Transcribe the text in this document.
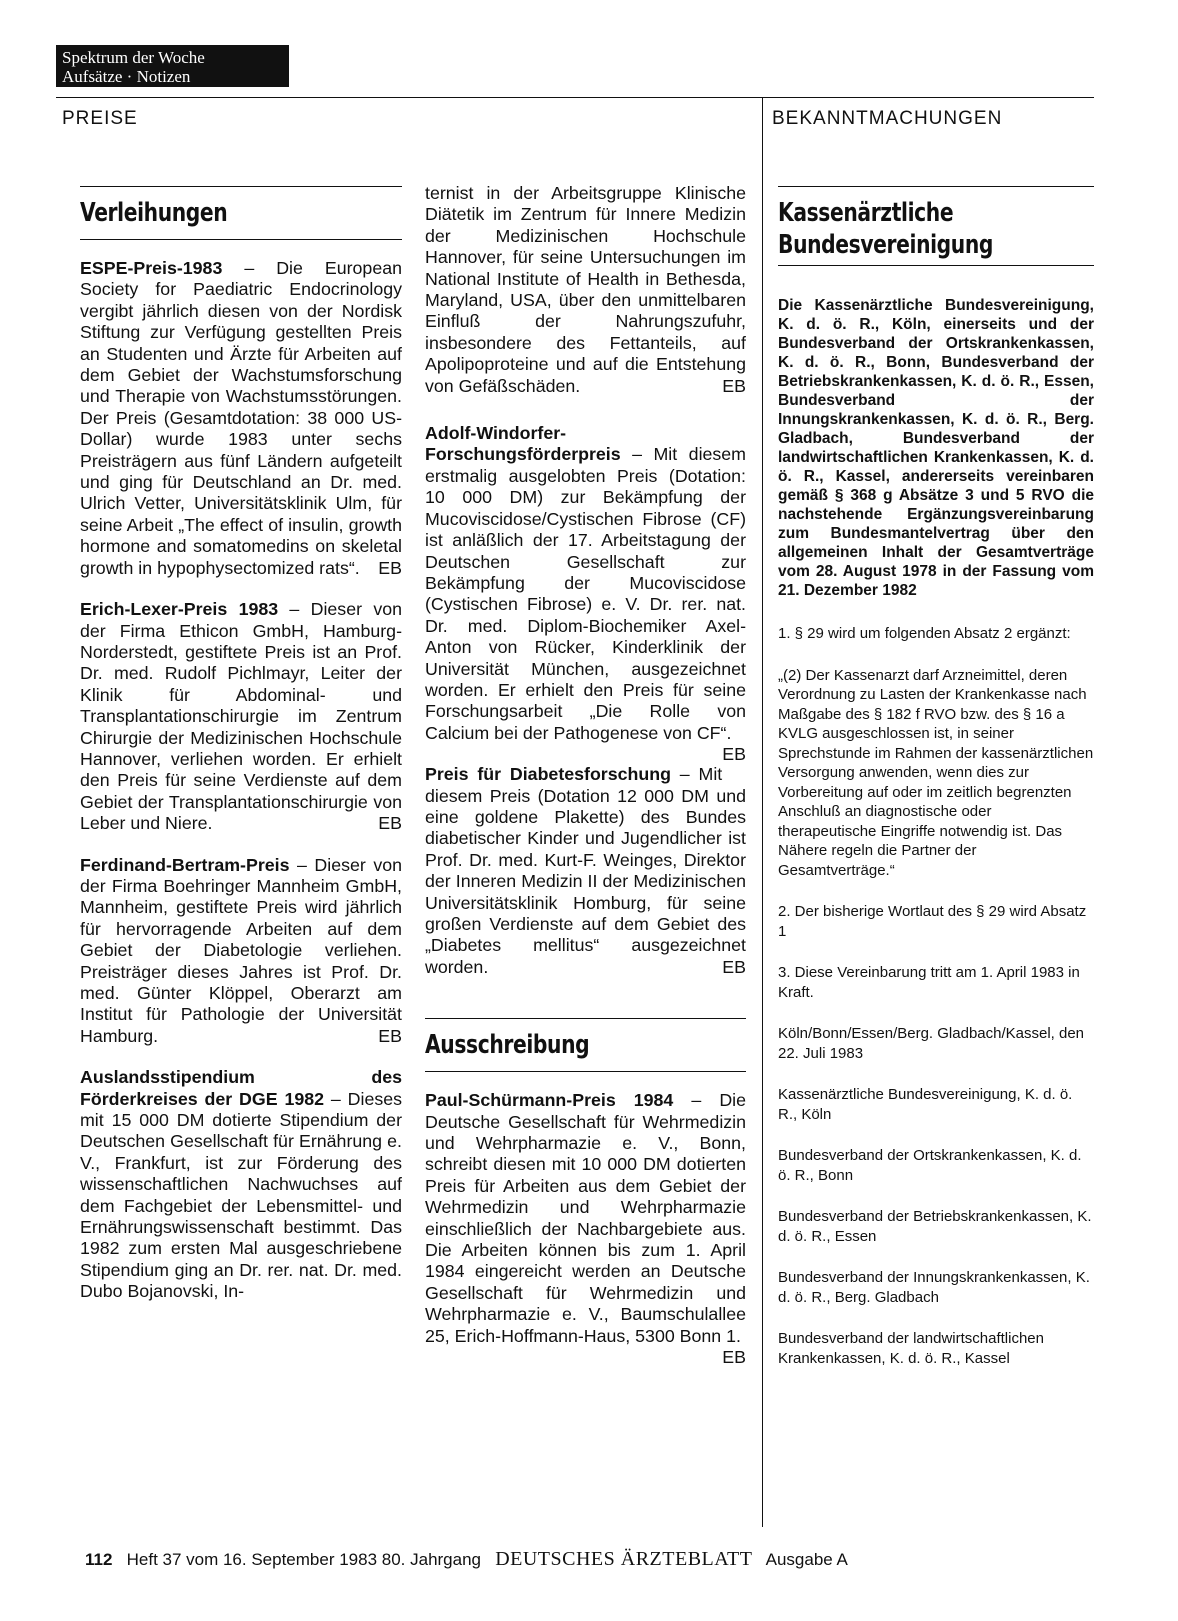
Spektrum der Woche
Aufsätze · Notizen
PREISE	BEKANNTMACHUNGEN
Verleihungen

ESPE-Preis-1983 – Die European Society for Paediatric Endocrinology vergibt jährlich diesen von der Nordisk Stiftung zur Verfügung gestellten Preis an Studenten und Ärzte für Arbeiten auf dem Gebiet der Wachstumsforschung und Therapie von Wachstumsstörungen. Der Preis (Gesamtdotation: 38 000 US-Dollar) wurde 1983 unter sechs Preisträgern aus fünf Ländern aufgeteilt und ging für Deutschland an Dr. med. Ulrich Vetter, Universitätsklinik Ulm, für seine Arbeit „The effect of insulin, growth hormone and somatomedins on skeletal growth in hypophysectomized rats“. EB

Erich-Lexer-Preis 1983 – Dieser von der Firma Ethicon GmbH, Hamburg-Norderstedt, gestiftete Preis ist an Prof. Dr. med. Rudolf Pichlmayr, Leiter der Klinik für Abdominal- und Transplantationschirurgie im Zentrum Chirurgie der Medizinischen Hochschule Hannover, verliehen worden. Er erhielt den Preis für seine Verdienste auf dem Gebiet der Transplantationschirurgie von Leber und Niere.	EB

Ferdinand-Bertram-Preis – Dieser von der Firma Boehringer Mannheim GmbH, Mannheim, gestiftete Preis wird jährlich für hervorragende Arbeiten auf dem Gebiet der Diabetologie verliehen. Preisträger dieses Jahres ist Prof. Dr. med. Günter Klöppel, Oberarzt am Institut für Pathologie der Universität Hamburg.	EB

Auslandsstipendium des Förderkreises der DGE 1982 – Dieses mit 15 000 DM dotierte Stipendium der Deutschen Gesellschaft für Ernährung e. V., Frankfurt, ist zur Förderung des wissenschaftlichen Nachwuchses auf dem Fachgebiet der Lebensmittel- und Ernährungswissenschaft bestimmt. Das 1982 zum ersten Mal ausgeschriebene Stipendium ging an Dr. rer. nat. Dr. med. Dubo Bojanovski, In-

ternist in der Arbeitsgruppe Klinische Diätetik im Zentrum für Innere Medizin der Medizinischen Hochschule Hannover, für seine Untersuchungen im National Institute of Health in Bethesda, Maryland, USA, über den unmittelbaren Einfluß der Nahrungszufuhr, insbesondere des Fettanteils, auf Apolipoproteine und auf die Entstehung von Gefäßschäden.	EB

Adolf-Windorfer-Forschungsförderpreis – Mit diesem erstmalig ausgelobten Preis (Dotation: 10 000 DM) zur Bekämpfung der Mucoviscidose/Cystischen Fibrose (CF) ist anläßlich der 17. Arbeitstagung der Deutschen Gesellschaft zur Bekämpfung der Mucoviscidose (Cystischen Fibrose) e. V. Dr. rer. nat. Dr. med. Diplom-Biochemiker Axel-Anton von Rücker, Kinderklinik der Universität München, ausgezeichnet worden. Er erhielt den Preis für seine Forschungsarbeit „Die Rolle von Calcium bei der Pathogenese von CF“.
EB

Preis für Diabetesforschung – Mit diesem Preis (Dotation 12 000 DM und eine goldene Plakette) des Bundes diabetischer Kinder und Jugendlicher ist Prof. Dr. med. Kurt-F. Weinges, Direktor der Inneren Medizin II der Medizinischen Universitätsklinik Homburg, für seine großen Verdienste auf dem Gebiet des „Diabetes mellitus“ ausgezeichnet worden.	EB

Ausschreibung

Paul-Schürmann-Preis 1984 – Die Deutsche Gesellschaft für Wehrmedizin und Wehrpharmazie e. V., Bonn, schreibt diesen mit 10 000 DM dotierten Preis für Arbeiten aus dem Gebiet der Wehrmedizin und Wehrpharmazie einschließlich der Nachbargebiete aus. Die Arbeiten können bis zum 1. April 1984 eingereicht werden an Deutsche Gesellschaft für Wehrmedizin und Wehrpharmazie e. V., Baumschulallee 25, Erich-Hoffmann-Haus, 5300 Bonn 1.
EB

Kassenärztliche
Bundesvereinigung

Die Kassenärztliche Bundesvereinigung, K. d. ö. R., Köln, einerseits und der Bundesverband der Ortskrankenkassen, K. d. ö. R., Bonn, Bundesverband der Betriebskrankenkassen, K. d. ö. R., Essen, Bundesverband der Innungskrankenkassen, K. d. ö. R., Berg. Gladbach, Bundesverband der landwirtschaftlichen Krankenkassen, K. d. ö. R., Kassel, andererseits vereinbaren gemäß § 368 g Absätze 3 und 5 RVO die nachstehende Ergänzungsvereinbarung zum Bundesmantelvertrag über den allgemeinen Inhalt der Gesamtverträge vom 28. August 1978 in der Fassung vom 21. Dezember 1982

1. § 29 wird um folgenden Absatz 2 ergänzt:

„(2) Der Kassenarzt darf Arzneimittel, deren Verordnung zu Lasten der Krankenkasse nach Maßgabe des § 182 f RVO bzw. des § 16 a KVLG ausgeschlossen ist, in seiner Sprechstunde im Rahmen der kassenärztlichen Versorgung anwenden, wenn dies zur Vorbereitung auf oder im zeitlich begrenzten Anschluß an diagnostische oder therapeutische Eingriffe notwendig ist. Das Nähere regeln die Partner der Gesamtverträge.“

2. Der bisherige Wortlaut des § 29 wird Absatz 1

3. Diese Vereinbarung tritt am 1. April 1983 in Kraft.

Köln/Bonn/Essen/Berg. Gladbach/Kassel, den 22. Juli 1983

Kassenärztliche Bundesvereinigung, K. d. ö. R., Köln

Bundesverband der Ortskrankenkassen, K. d. ö. R., Bonn

Bundesverband der Betriebskrankenkassen, K. d. ö. R., Essen

Bundesverband der Innungskrankenkassen, K. d. ö. R., Berg. Gladbach

Bundesverband der landwirtschaftlichen Krankenkassen, K. d. ö. R., Kassel

112 Heft 37 vom 16. September 1983 80. Jahrgang DEUTSCHES ÄRZTEBLATT Ausgabe A
